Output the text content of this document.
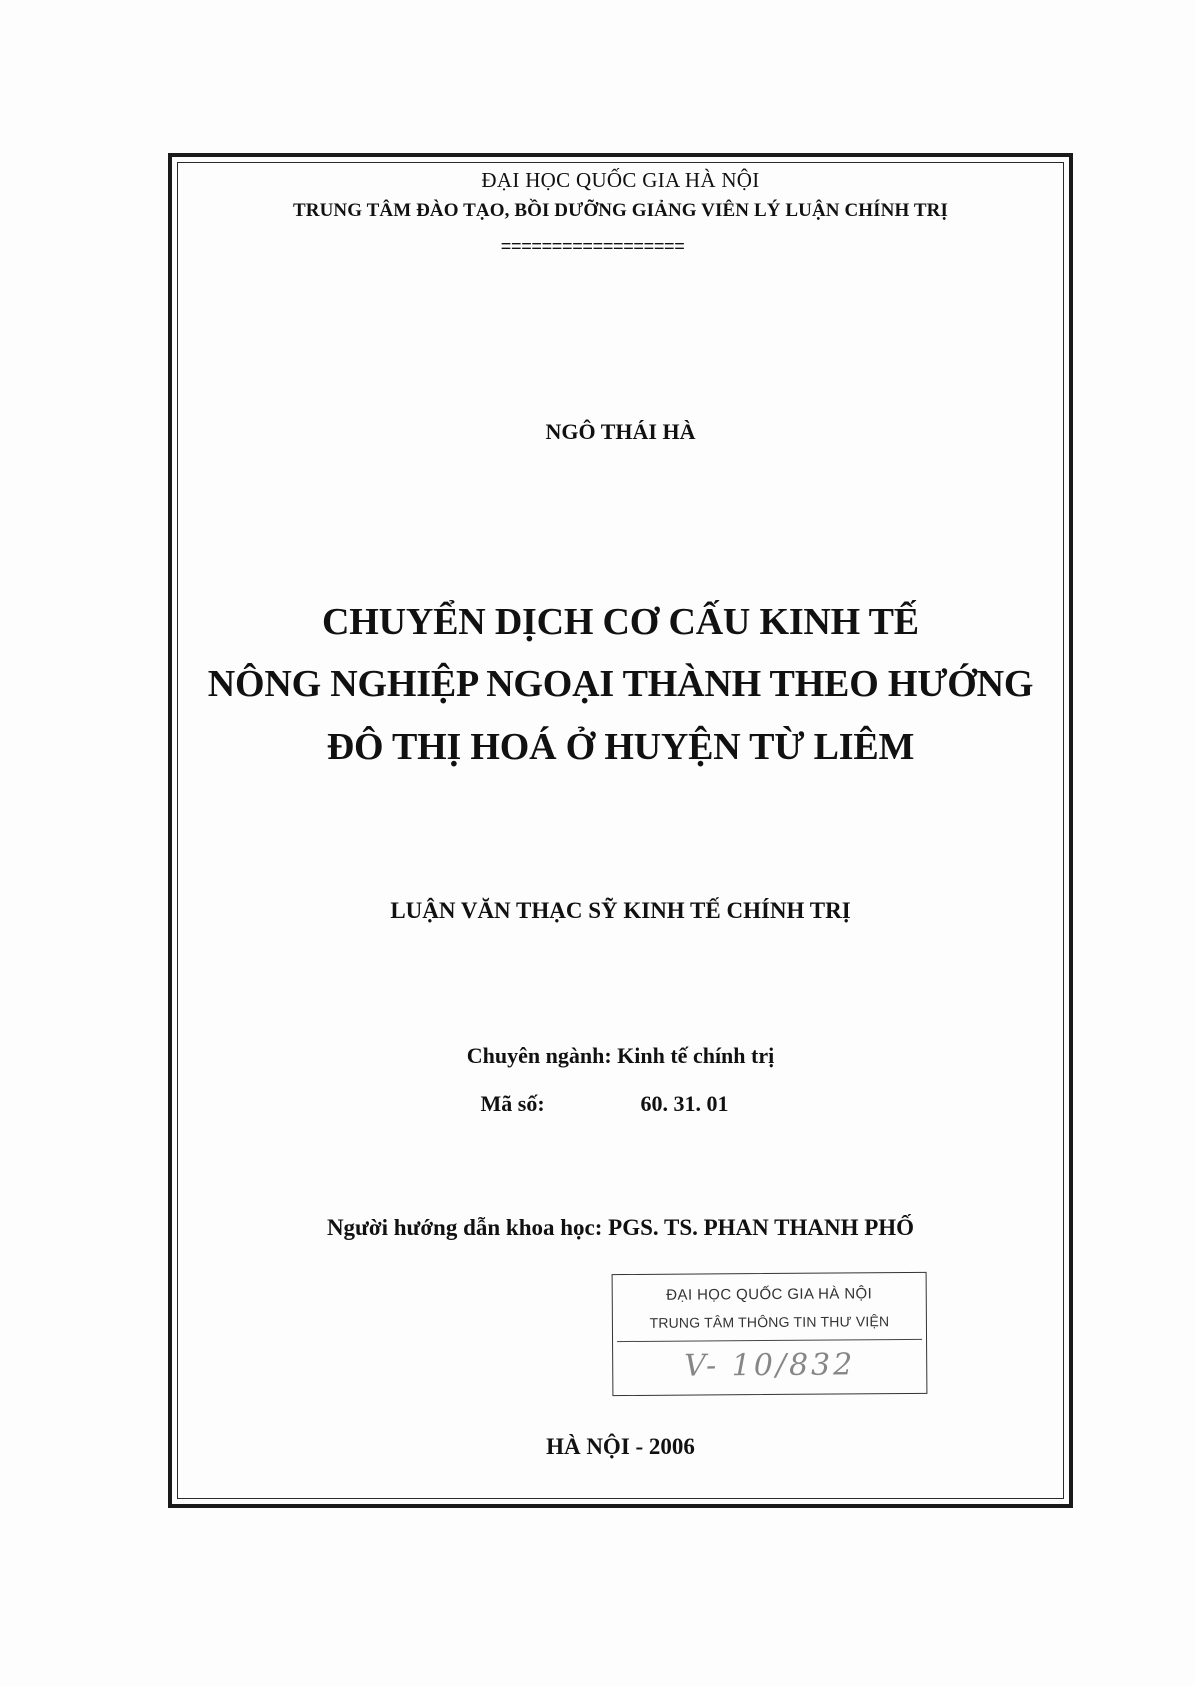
ĐẠI HỌC QUỐC GIA HÀ NỘI
TRUNG TÂM ĐÀO TẠO, BỒI DƯỠNG GIẢNG VIÊN LÝ LUẬN CHÍNH TRỊ
==================
NGÔ THÁI HÀ
CHUYỂN DỊCH CƠ CẤU KINH TẾ
NÔNG NGHIỆP NGOẠI THÀNH THEO HƯỚNG
ĐÔ THỊ HOÁ Ở HUYỆN TỪ LIÊM
LUẬN VĂN THẠC SỸ KINH TẾ CHÍNH TRỊ
Chuyên ngành: Kinh tế chính trị
Mã số:	60. 31. 01
Người hướng dẫn khoa học: PGS. TS. PHAN THANH PHỐ
ĐẠI HỌC QUỐC GIA HÀ NỘI
TRUNG TÂM THÔNG TIN THƯ VIỆN
V- 10/832
HÀ NỘI - 2006
